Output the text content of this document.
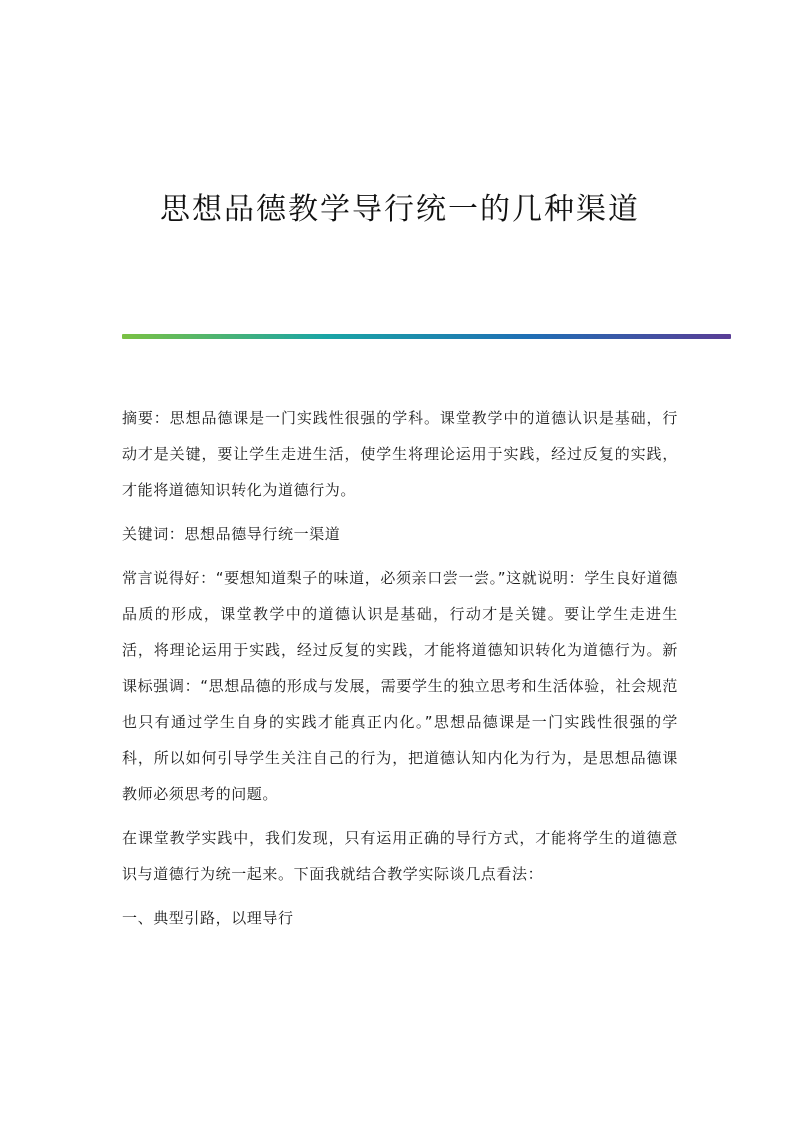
思想品德教学导行统一的几种渠道

摘要：思想品德课是一门实践性很强的学科。课堂教学中的道德认识是基础，行动才是关键，要让学生走进生活，使学生将理论运用于实践，经过反复的实践，才能将道德知识转化为道德行为。

关键词：思想品德导行统一渠道

常言说得好：“要想知道梨子的味道，必须亲口尝一尝。”这就说明：学生良好道德品质的形成，课堂教学中的道德认识是基础，行动才是关键。要让学生走进生活，将理论运用于实践，经过反复的实践，才能将道德知识转化为道德行为。新课标强调：“思想品德的形成与发展，需要学生的独立思考和生活体验，社会规范也只有通过学生自身的实践才能真正内化。”思想品德课是一门实践性很强的学科，所以如何引导学生关注自己的行为，把道德认知内化为行为，是思想品德课教师必须思考的问题。

在课堂教学实践中，我们发现，只有运用正确的导行方式，才能将学生的道德意识与道德行为统一起来。下面我就结合教学实际谈几点看法：

一、典型引路，以理导行
